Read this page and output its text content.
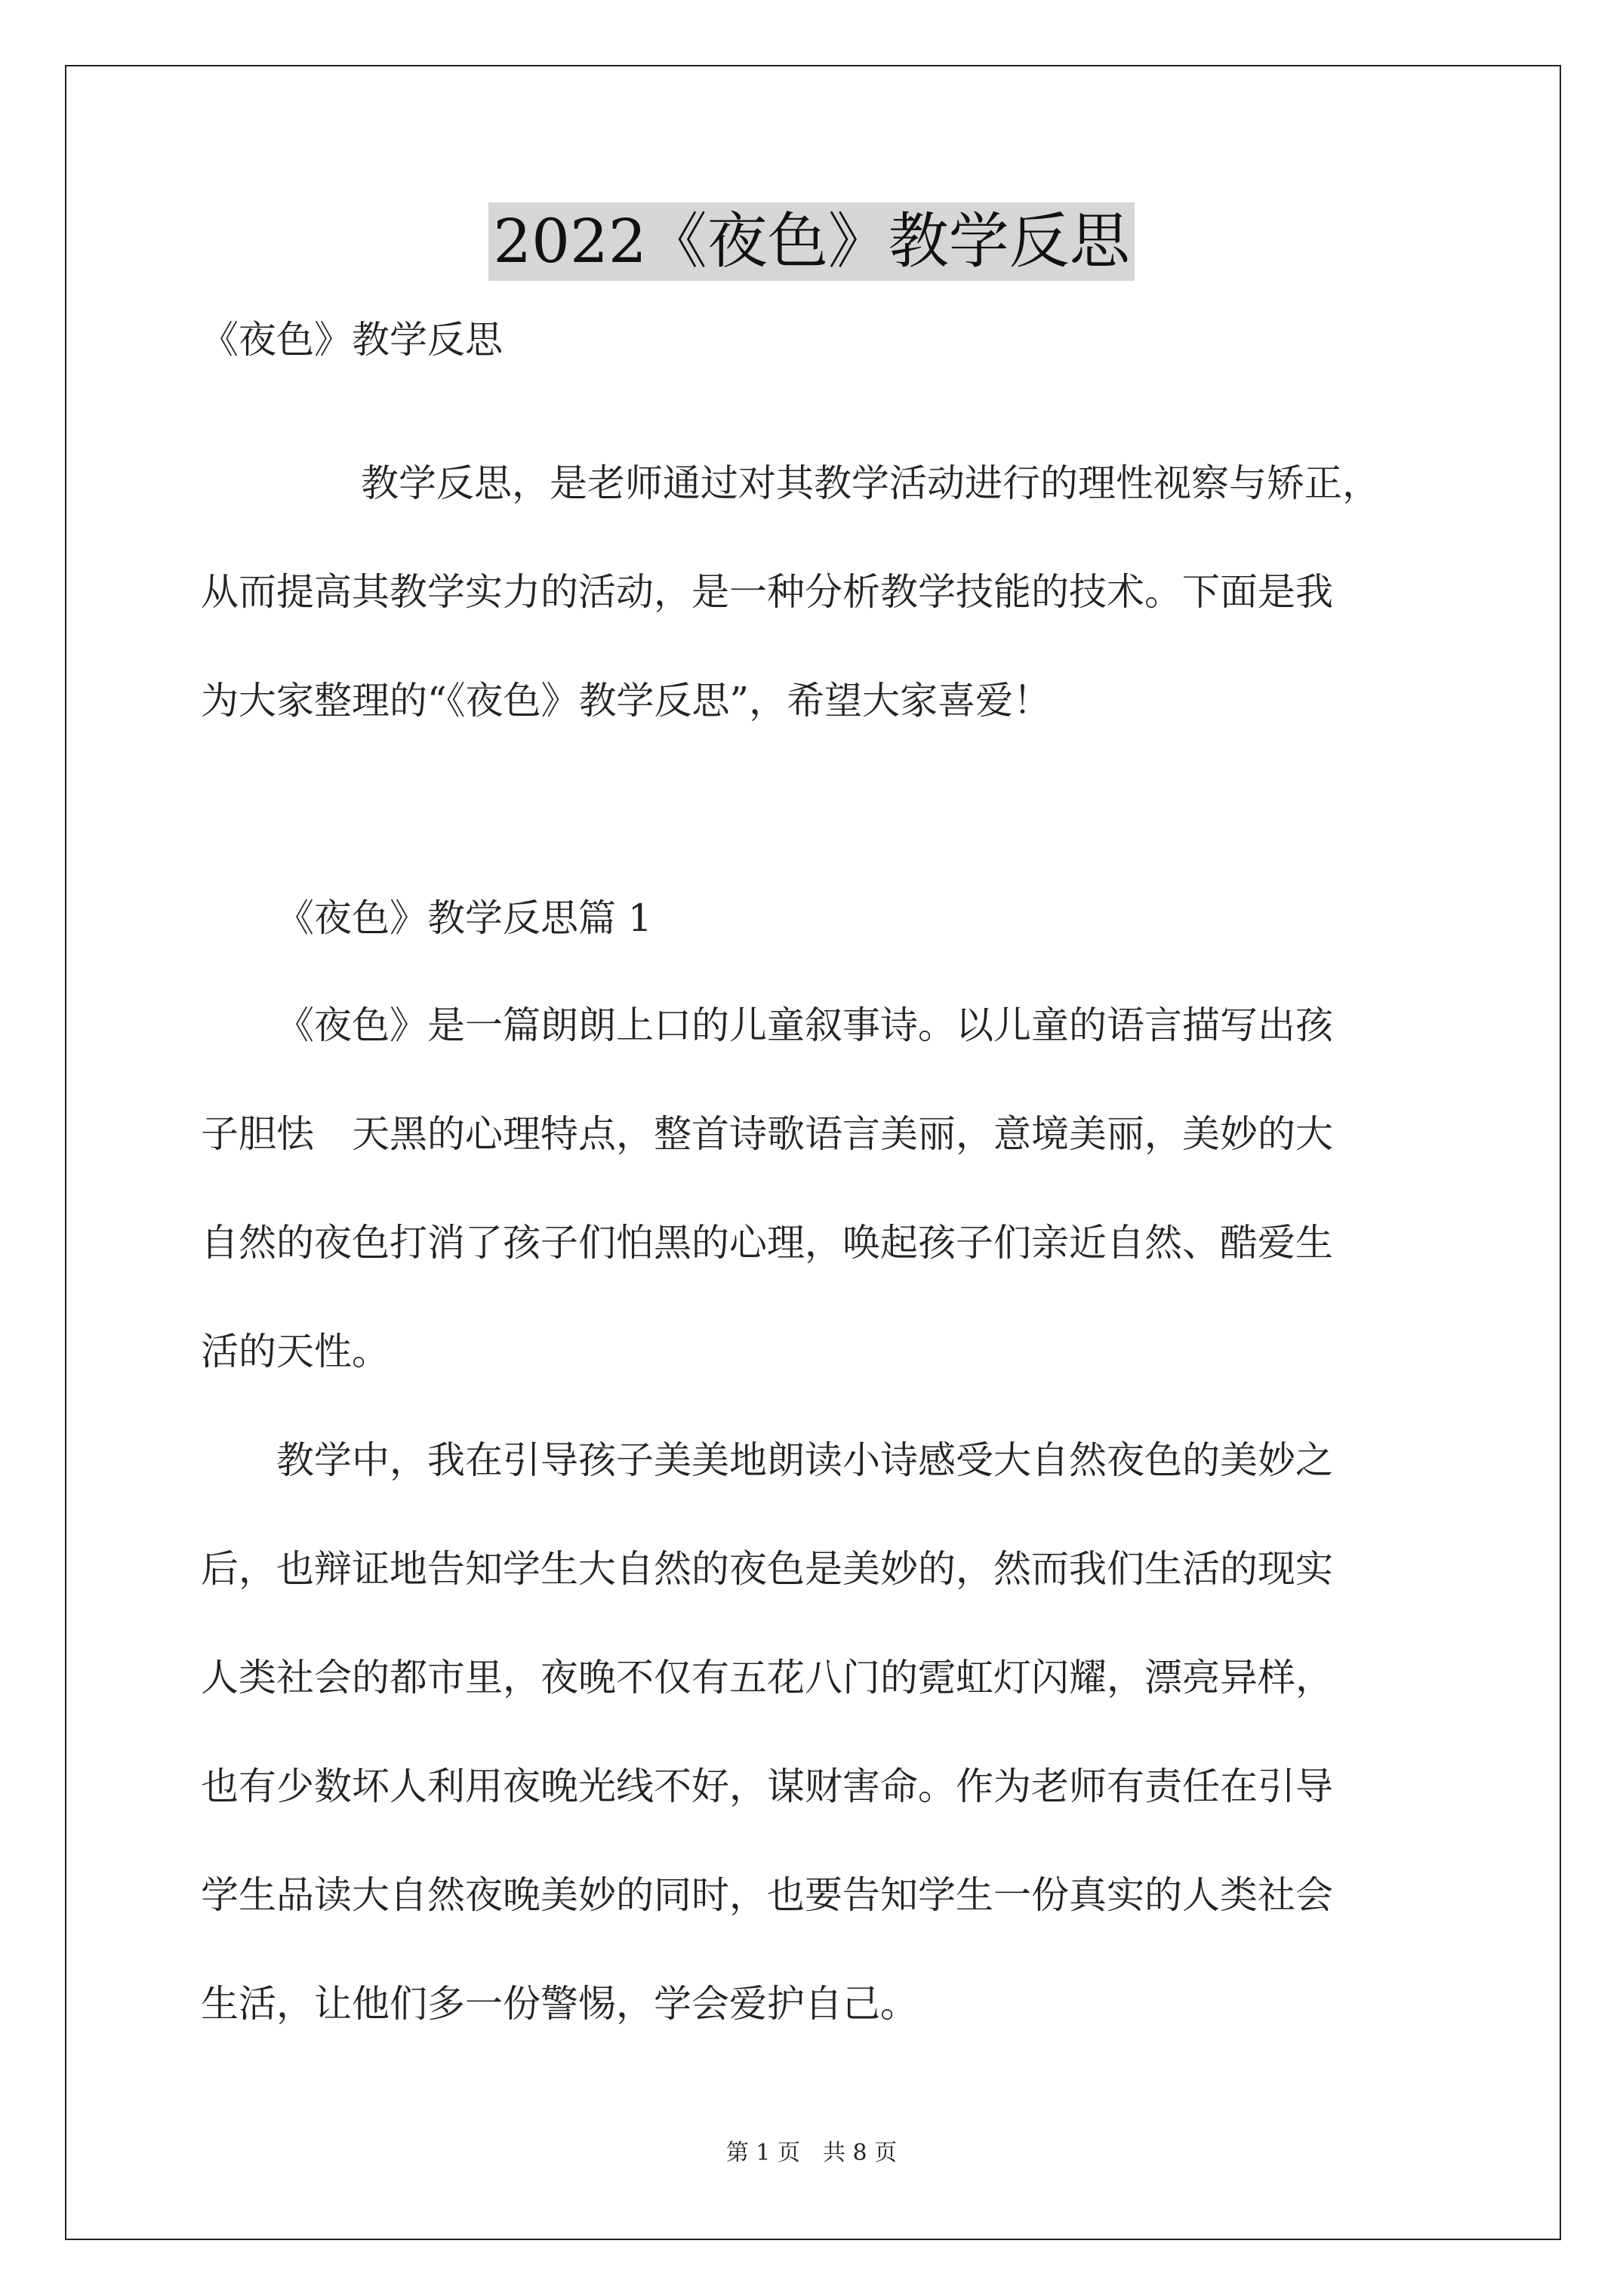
2022《夜色》教学反思

《夜色》教学反思

教学反思，是老师通过对其教学活动进行的理性视察与矫正，

从而提高其教学实力的活动，是一种分析教学技能的技术。下面是我

为大家整理的“《夜色》教学反思”，希望大家喜爱！

《夜色》教学反思篇 1

《夜色》是一篇朗朗上口的儿童叙事诗。以儿童的语言描写出孩

子胆怯　天黑的心理特点，整首诗歌语言美丽，意境美丽，美妙的大

自然的夜色打消了孩子们怕黑的心理，唤起孩子们亲近自然、酷爱生

活的天性。

教学中，我在引导孩子美美地朗读小诗感受大自然夜色的美妙之

后，也辩证地告知学生大自然的夜色是美妙的，然而我们生活的现实

人类社会的都市里，夜晚不仅有五花八门的霓虹灯闪耀，漂亮异样，

也有少数坏人利用夜晚光线不好，谋财害命。作为老师有责任在引导

学生品读大自然夜晚美妙的同时，也要告知学生一份真实的人类社会

生活，让他们多一份警惕，学会爱护自己。

第 1 页　共 8 页
